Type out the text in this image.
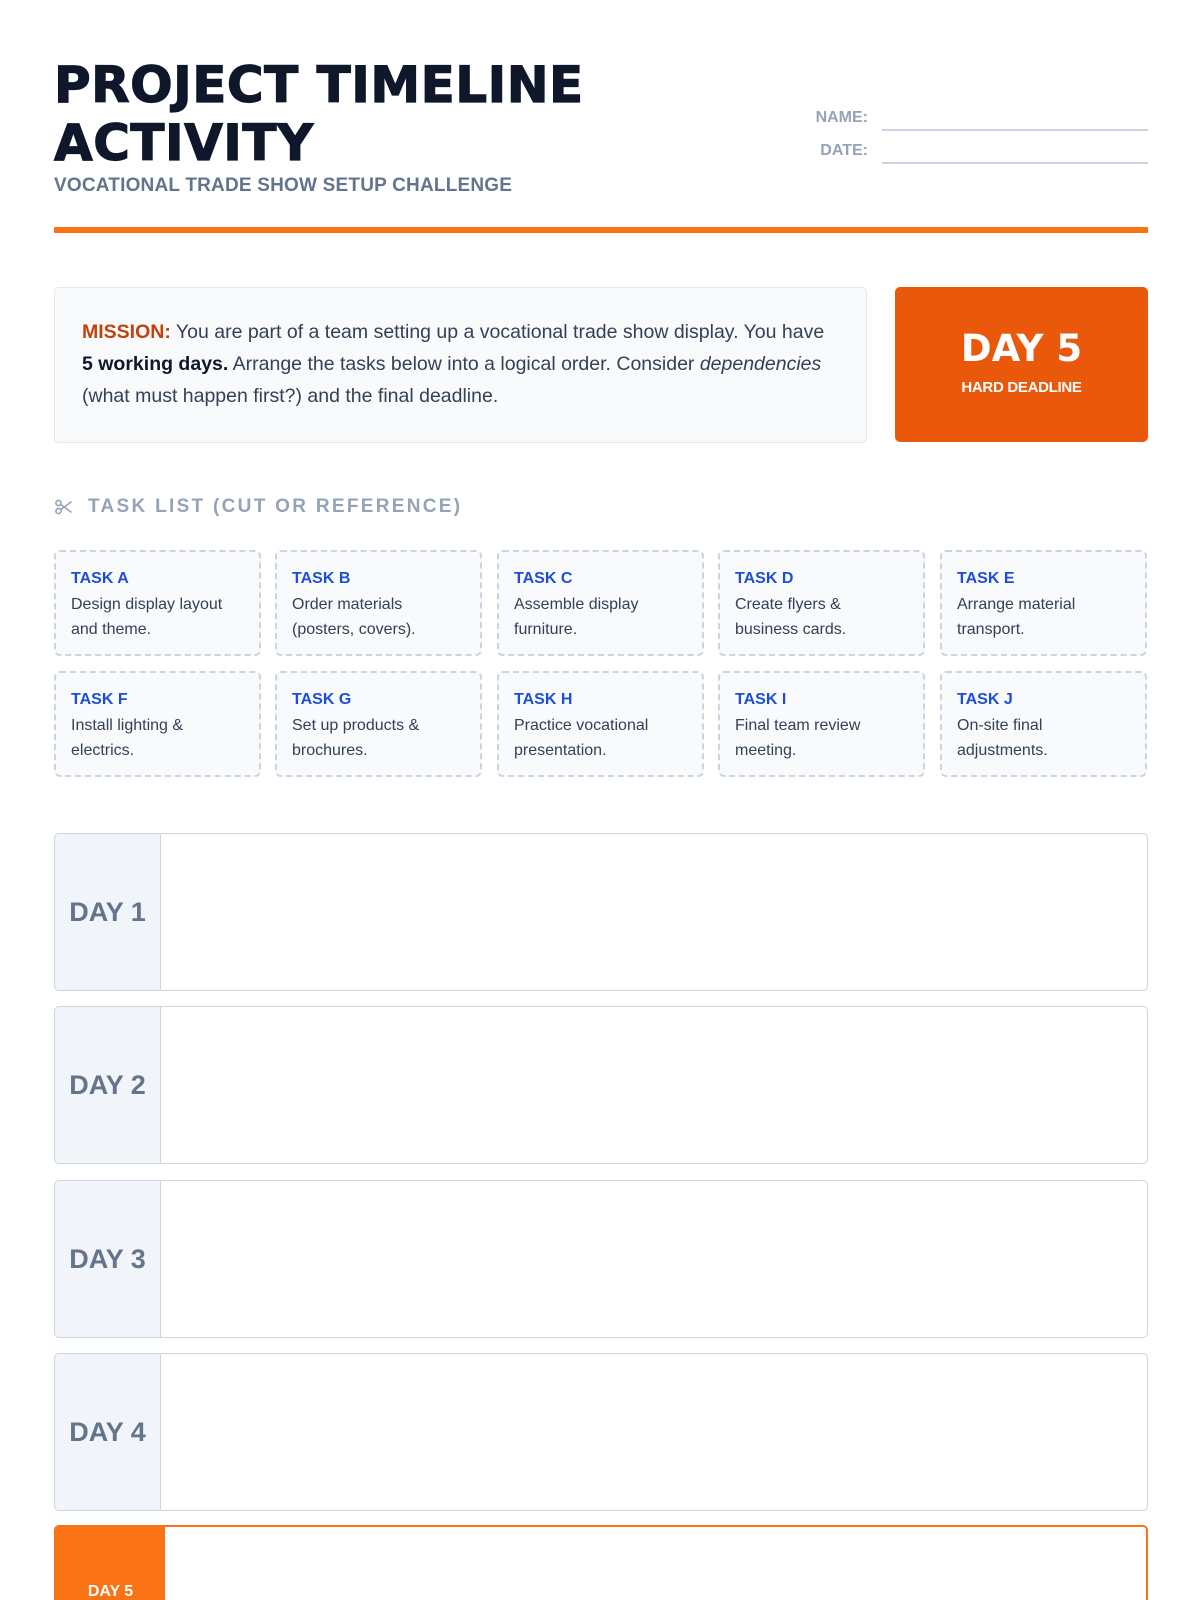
PROJECT TIMELINE ACTIVITY
VOCATIONAL TRADE SHOW SETUP CHALLENGE
NAME:
DATE:
MISSION: You are part of a team setting up a vocational trade show display. You have 5 working days. Arrange the tasks below into a logical order. Consider dependencies (what must happen first?) and the final deadline.
DAY 5
HARD DEADLINE
TASK LIST (CUT OR REFERENCE)
TASK A
Design display layout and theme.
TASK B
Order materials (posters, covers).
TASK C
Assemble display furniture.
TASK D
Create flyers & business cards.
TASK E
Arrange material transport.
TASK F
Install lighting & electrics.
TASK G
Set up products & brochures.
TASK H
Practice vocational presentation.
TASK I
Final team review meeting.
TASK J
On-site final adjustments.
DAY 1
DAY 2
DAY 3
DAY 4
DAY 5
